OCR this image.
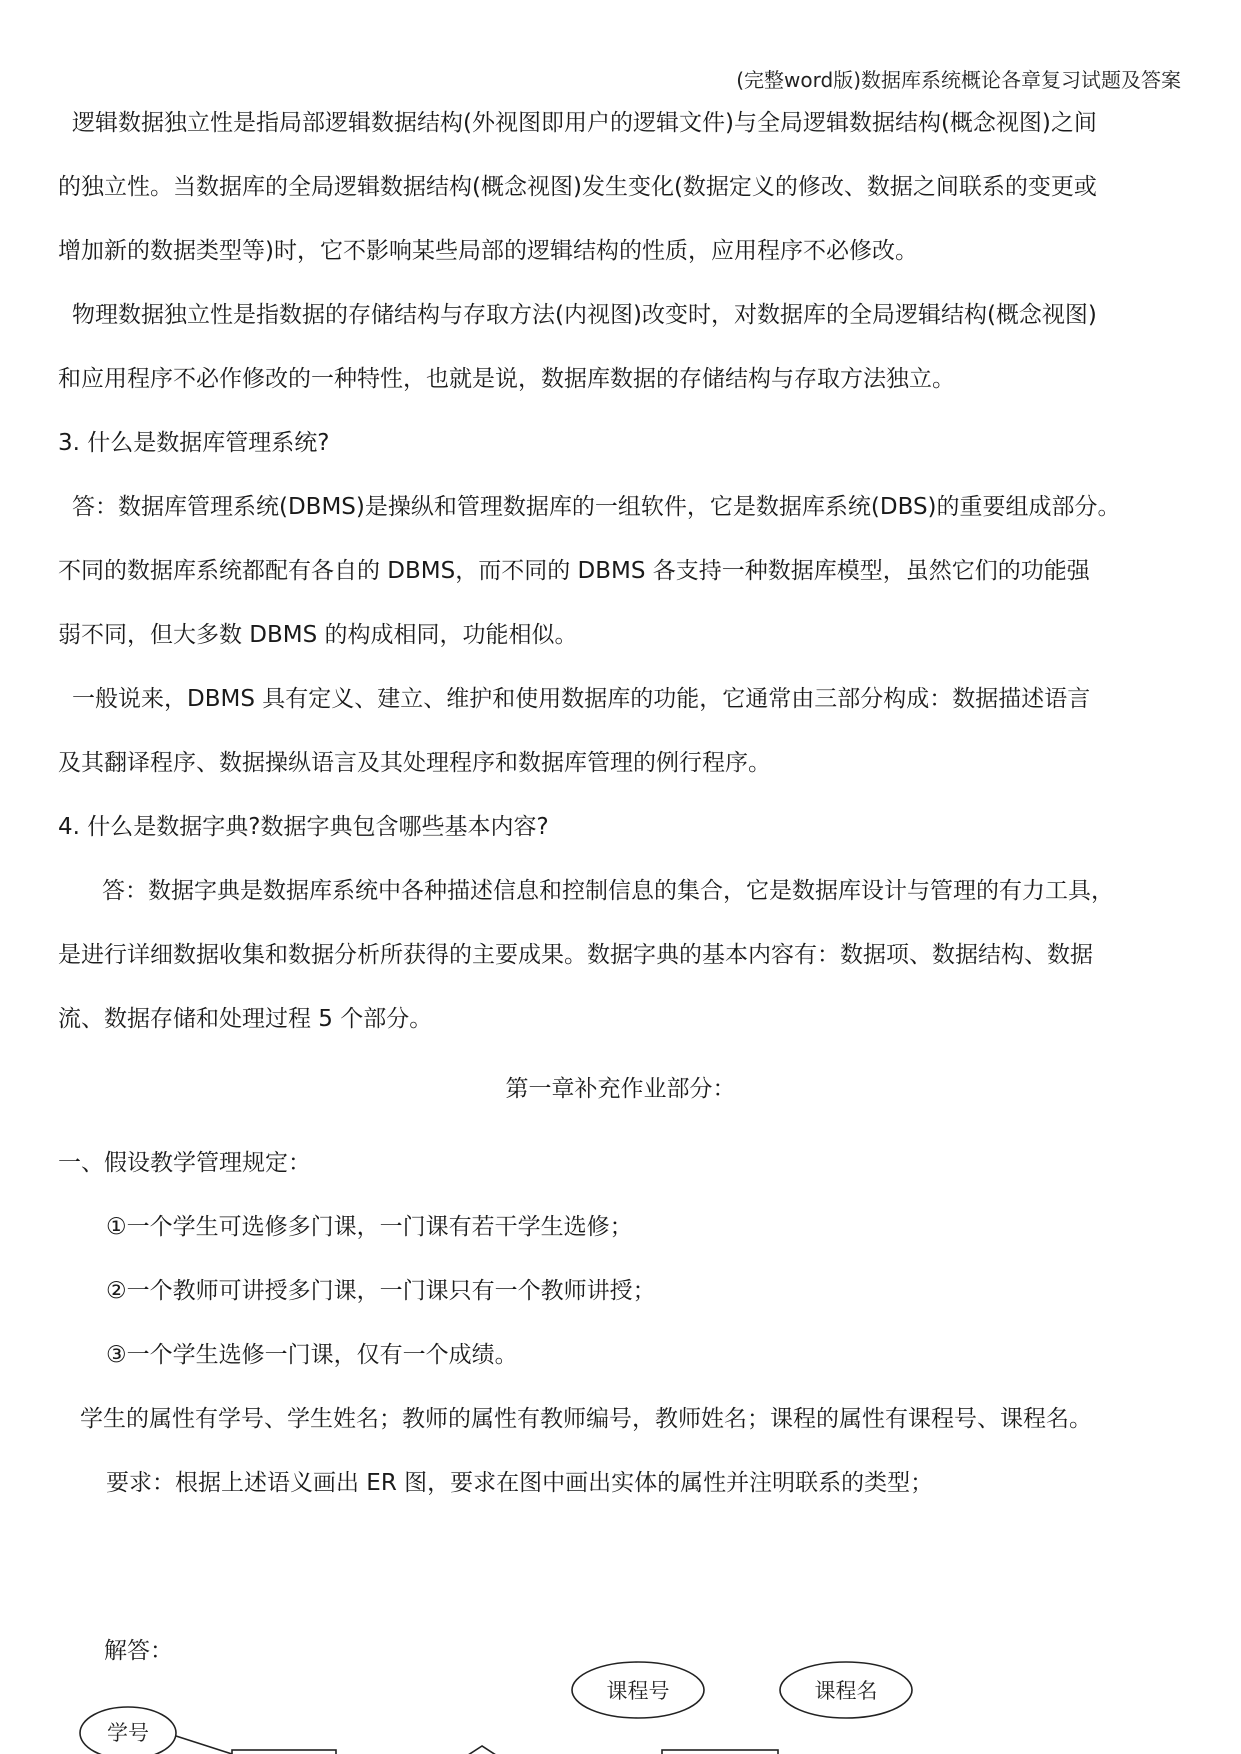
(完整word版)数据库系统概论各章复习试题及答案
逻辑数据独立性是指局部逻辑数据结构(外视图即用户的逻辑文件)与全局逻辑数据结构(概念视图)之间
的独立性。当数据库的全局逻辑数据结构(概念视图)发生变化(数据定义的修改、数据之间联系的变更或
增加新的数据类型等)时，它不影响某些局部的逻辑结构的性质，应用程序不必修改。
物理数据独立性是指数据的存储结构与存取方法(内视图)改变时，对数据库的全局逻辑结构(概念视图)
和应用程序不必作修改的一种特性，也就是说，数据库数据的存储结构与存取方法独立。
3. 什么是数据库管理系统?
答：数据库管理系统(DBMS)是操纵和管理数据库的一组软件，它是数据库系统(DBS)的重要组成部分。
不同的数据库系统都配有各自的 DBMS，而不同的 DBMS 各支持一种数据库模型，虽然它们的功能强
弱不同，但大多数 DBMS 的构成相同，功能相似。
一般说来，DBMS 具有定义、建立、维护和使用数据库的功能，它通常由三部分构成：数据描述语言
及其翻译程序、数据操纵语言及其处理程序和数据库管理的例行程序。
4. 什么是数据字典?数据字典包含哪些基本内容?
答：数据字典是数据库系统中各种描述信息和控制信息的集合，它是数据库设计与管理的有力工具，
是进行详细数据收集和数据分析所获得的主要成果。数据字典的基本内容有：数据项、数据结构、数据
流、数据存储和处理过程 5 个部分。
第一章补充作业部分：
一、假设教学管理规定：
①一个学生可选修多门课，一门课有若干学生选修；
②一个教师可讲授多门课，一门课只有一个教师讲授；
③一个学生选修一门课，仅有一个成绩。
学生的属性有学号、学生姓名；教师的属性有教师编号，教师姓名；课程的属性有课程号、课程名。
要求：根据上述语义画出 ER 图，要求在图中画出实体的属性并注明联系的类型；
解答：
学号
课程号	课程名
